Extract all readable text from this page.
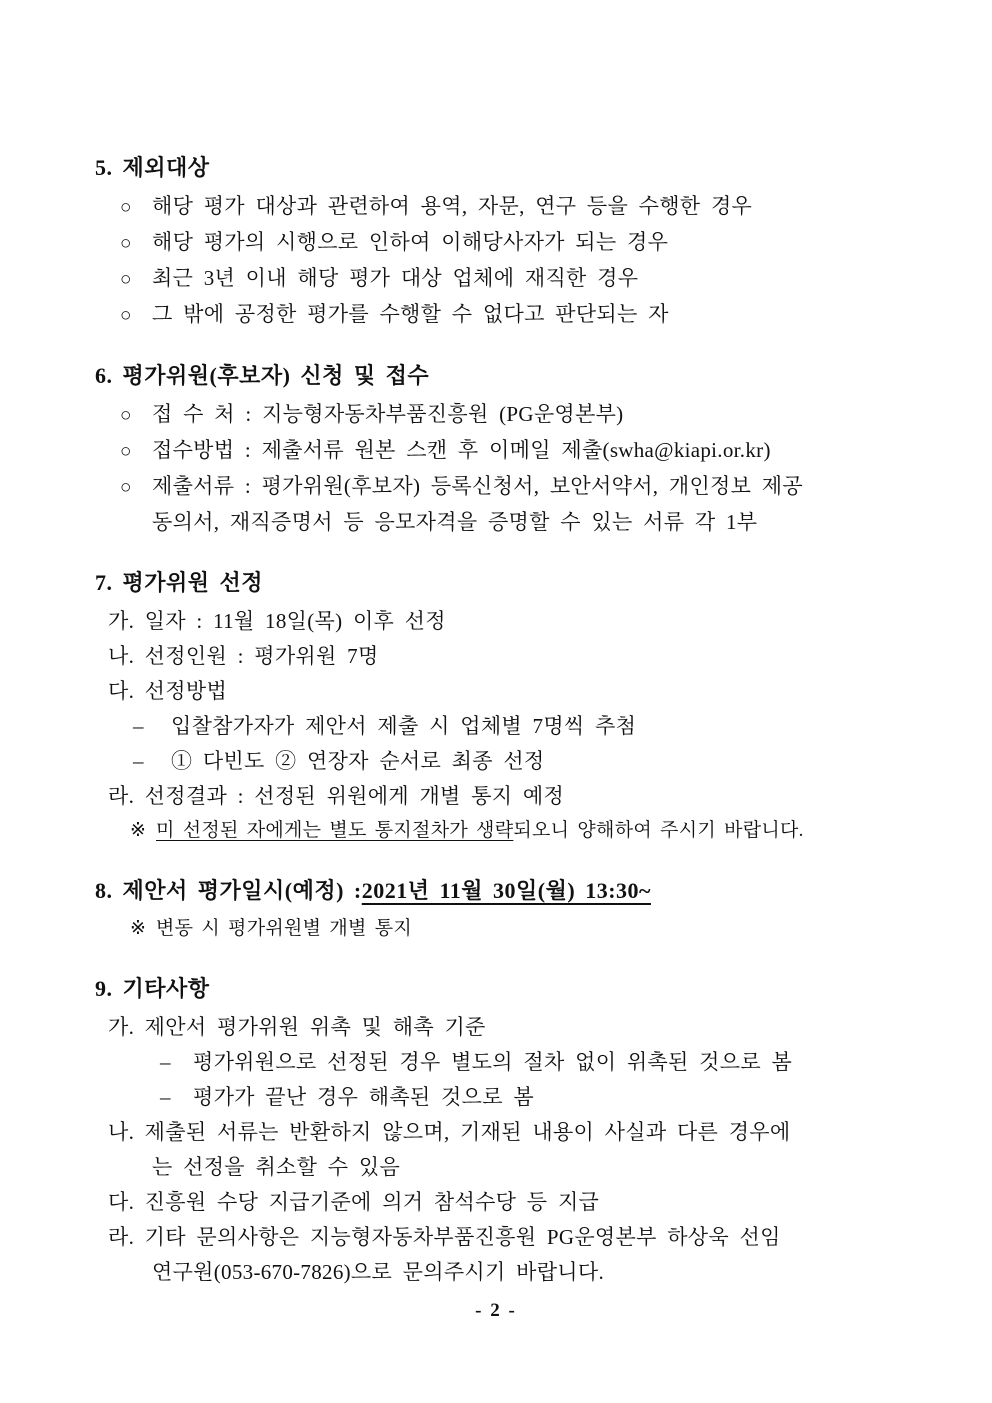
5. 제외대상
○ 해당 평가 대상과 관련하여 용역, 자문, 연구 등을 수행한 경우
○ 해당 평가의 시행으로 인하여 이해당사자가 되는 경우
○ 최근 3년 이내 해당 평가 대상 업체에 재직한 경우
○ 그 밖에 공정한 평가를 수행할 수 없다고 판단되는 자
6. 평가위원(후보자) 신청 및 접수
○ 접 수 처 : 지능형자동차부품진흥원 (PG운영본부)
○ 접수방법 : 제출서류 원본 스캔 후 이메일 제출(swha@kiapi.or.kr)
○ 제출서류 : 평가위원(후보자) 등록신청서, 보안서약서, 개인정보 제공
동의서, 재직증명서 등 응모자격을 증명할 수 있는 서류 각 1부
7. 평가위원 선정
가. 일자 : 11월 18일(목) 이후 선정
나. 선정인원 : 평가위원 7명
다. 선정방법
–	입찰참가자가 제안서 제출 시 업체별 7명씩 추첨
–	① 다빈도 ② 연장자 순서로 최종 선정
라. 선정결과 : 선정된 위원에게 개별 통지 예정
※ 미 선정된 자에게는 별도 통지절차가 생략되오니 양해하여 주시기 바랍니다.
8. 제안서 평가일시(예정) : 2021년 11월 30일(월) 13:30~
※ 변동 시 평가위원별 개별 통지
9. 기타사항
가. 제안서 평가위원 위촉 및 해촉 기준
–	평가위원으로 선정된 경우 별도의 절차 없이 위촉된 것으로 봄
–	평가가 끝난 경우 해촉된 것으로 봄
나. 제출된 서류는 반환하지 않으며, 기재된 내용이 사실과 다른 경우에
는 선정을 취소할 수 있음
다. 진흥원 수당 지급기준에 의거 참석수당 등 지급
라. 기타 문의사항은 지능형자동차부품진흥원 PG운영본부 하상욱 선임
연구원(053-670-7826)으로 문의주시기 바랍니다.
- 2 -
